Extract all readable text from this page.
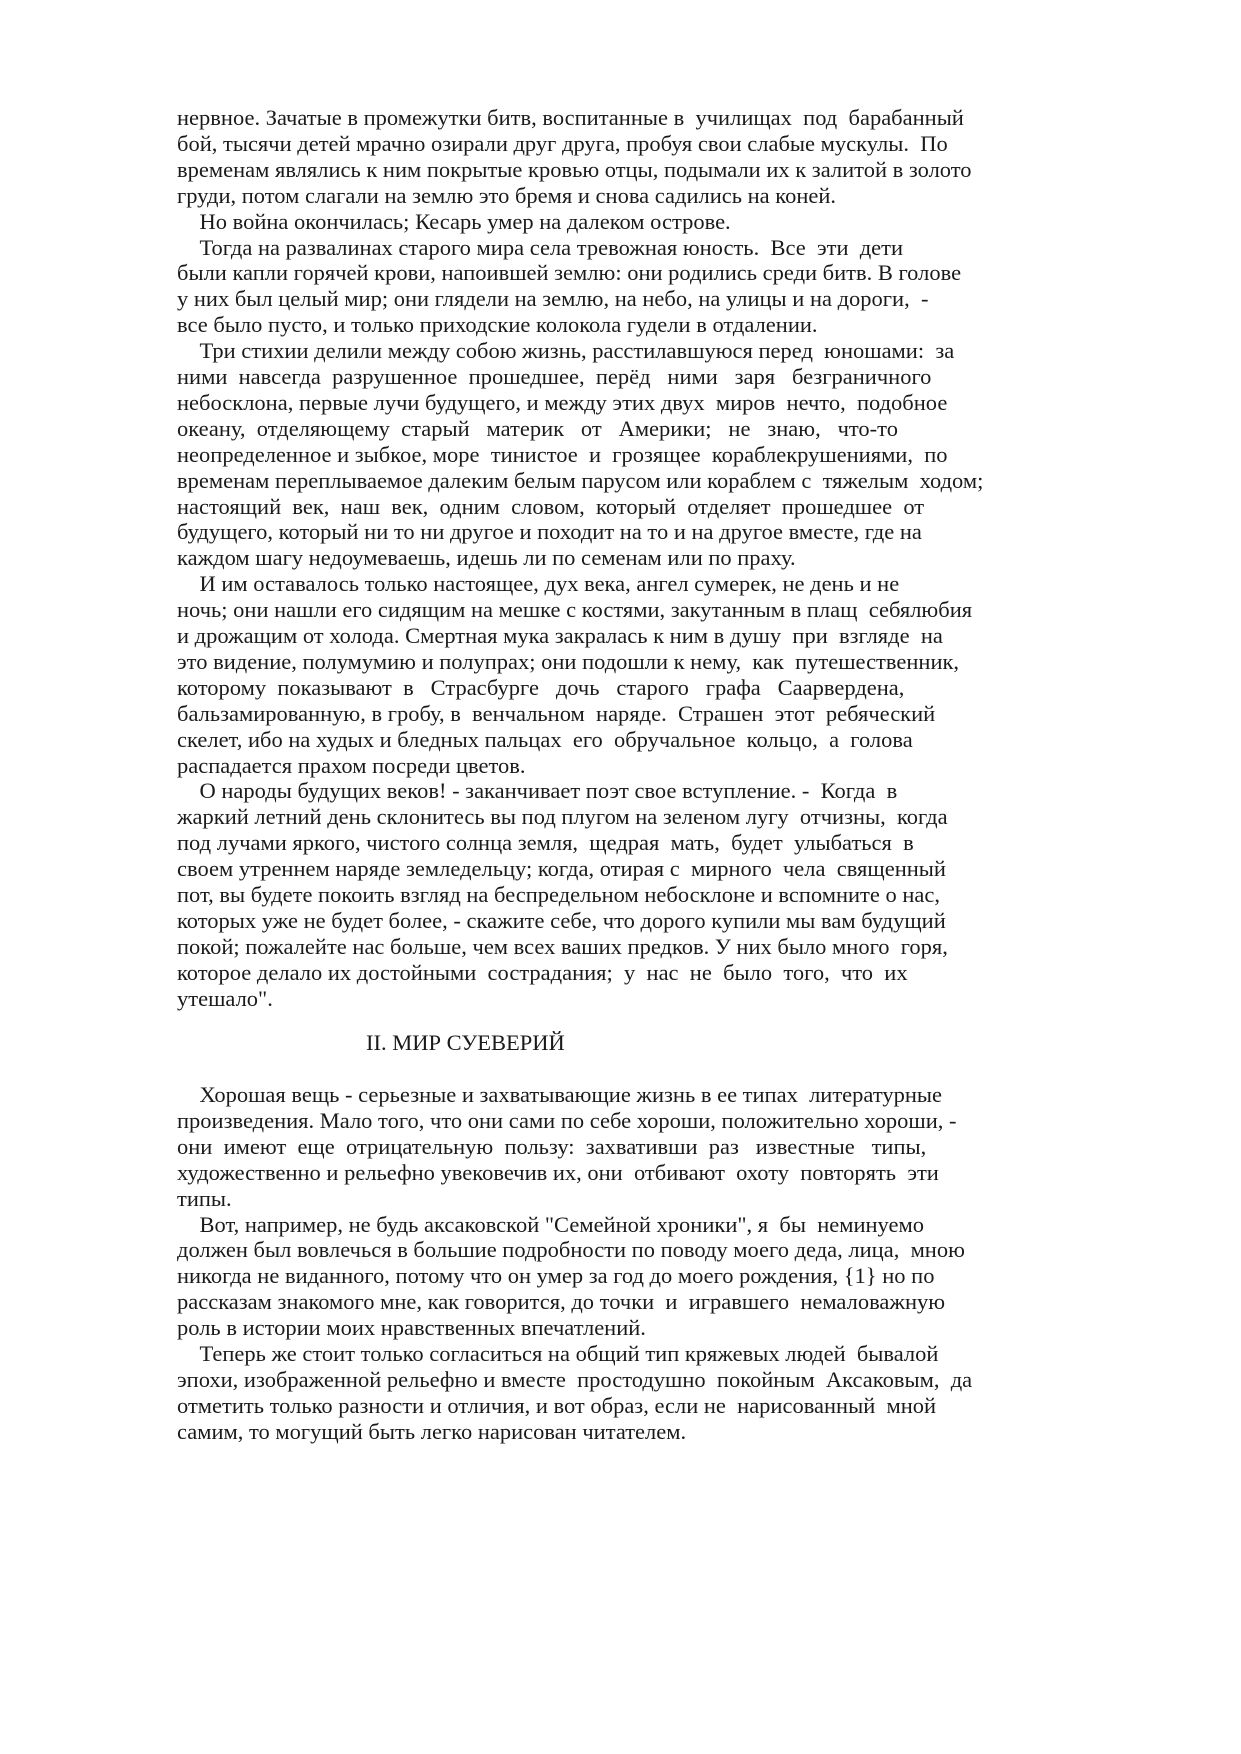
нервное. Зачатые в промежутки битв, воспитанные в  училищах  под  барабанный
бой, тысячи детей мрачно озирали друг друга, пробуя свои слабые мускулы.  По
временам являлись к ним покрытые кровью отцы, подымали их к залитой в золото
груди, потом слагали на землю это бремя и снова садились на коней.
Но война окончилась; Кесарь умер на далеком острове.
Тогда на развалинах старого мира села тревожная юность.  Все  эти  дети
были капли горячей крови, напоившей землю: они родились среди битв. В голове
у них был целый мир; они глядели на землю, на небо, на улицы и на дороги,  -
все было пусто, и только приходские колокола гудели в отдалении.
Три стихии делили между собою жизнь, расстилавшуюся перед  юношами:  за
ними  навсегда  разрушенное  прошедшее,  перёд   ними   заря   безграничного
небосклона, первые лучи будущего, и между этих двух  миров  нечто,  подобное
океану,  отделяющему  старый   материк   от   Америки;   не   знаю,   что-то
неопределенное и зыбкое, море  тинистое  и  грозящее  кораблекрушениями,  по
временам переплываемое далеким белым парусом или кораблем с  тяжелым  ходом;
настоящий  век,  наш  век,  одним  словом,  который  отделяет  прошедшее  от
будущего, который ни то ни другое и походит на то и на другое вместе, где на
каждом шагу недоумеваешь, идешь ли по семенам или по праху.
И им оставалось только настоящее, дух века, ангел сумерек, не день и не
ночь; они нашли его сидящим на мешке с костями, закутанным в плащ  себялюбия
и дрожащим от холода. Смертная мука закралась к ним в душу  при  взгляде  на
это видение, полумумию и полупрах; они подошли к нему,  как  путешественник,
которому  показывают  в   Страсбурге   дочь   старого   графа   Саарвердена,
бальзамированную, в гробу, в  венчальном  наряде.  Страшен  этот  ребяческий
скелет, ибо на худых и бледных пальцах  его  обручальное  кольцо,  а  голова
распадается прахом посреди цветов.
О народы будущих веков! - заканчивает поэт свое вступление. -  Когда  в
жаркий летний день склонитесь вы под плугом на зеленом лугу  отчизны,  когда
под лучами яркого, чистого солнца земля,  щедрая  мать,  будет  улыбаться  в
своем утреннем наряде земледельцу; когда, отирая с  мирного  чела  священный
пот, вы будете покоить взгляд на беспредельном небосклоне и вспомните о нас,
которых уже не будет более, - скажите себе, что дорого купили мы вам будущий
покой; пожалейте нас больше, чем всех ваших предков. У них было много  горя,
которое делало их достойными  сострадания;  у  нас  не  было  того,  что  их
утешало".
II. МИР СУЕВЕРИЙ
Хорошая вещь - серьезные и захватывающие жизнь в ее типах  литературные
произведения. Мало того, что они сами по себе хороши, положительно хороши, -
они  имеют  еще  отрицательную  пользу:  захвативши  раз   известные   типы,
художественно и рельефно увековечив их, они  отбивают  охоту  повторять  эти
типы.
Вот, например, не будь аксаковской "Семейной хроники", я  бы  неминуемо
должен был вовлечься в большие подробности по поводу моего деда, лица,  мною
никогда не виданного, потому что он умер за год до моего рождения, {1} но по
рассказам знакомого мне, как говорится, до точки  и  игравшего  немаловажную
роль в истории моих нравственных впечатлений.
Теперь же стоит только согласиться на общий тип кряжевых людей  бывалой
эпохи, изображенной рельефно и вместе  простодушно  покойным  Аксаковым,  да
отметить только разности и отличия, и вот образ, если не  нарисованный  мной
самим, то могущий быть легко нарисован читателем.
